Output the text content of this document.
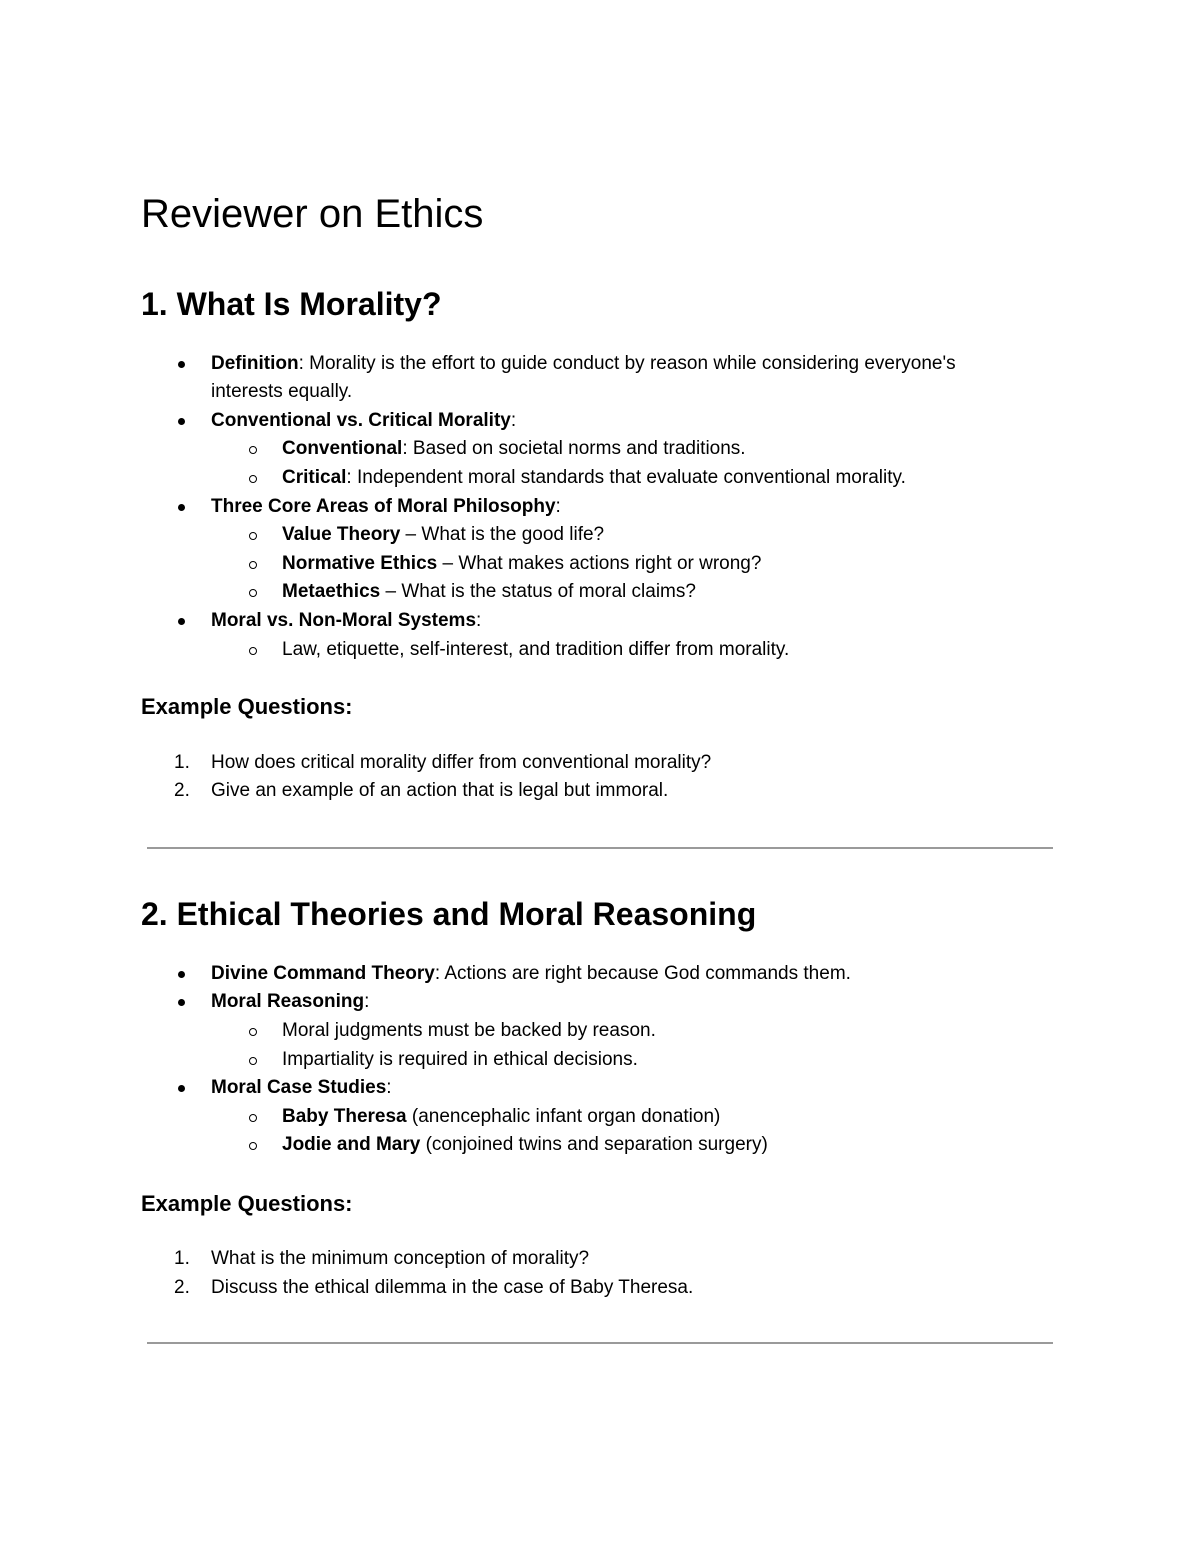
Reviewer on Ethics
1. What Is Morality?
Definition: Morality is the effort to guide conduct by reason while considering everyone's
interests equally.
Conventional vs. Critical Morality:
Conventional: Based on societal norms and traditions.
Critical: Independent moral standards that evaluate conventional morality.
Three Core Areas of Moral Philosophy:
Value Theory – What is the good life?
Normative Ethics – What makes actions right or wrong?
Metaethics – What is the status of moral claims?
Moral vs. Non-Moral Systems:
Law, etiquette, self-interest, and tradition differ from morality.
Example Questions:
1. How does critical morality differ from conventional morality?
2. Give an example of an action that is legal but immoral.
2. Ethical Theories and Moral Reasoning
Divine Command Theory: Actions are right because God commands them.
Moral Reasoning:
Moral judgments must be backed by reason.
Impartiality is required in ethical decisions.
Moral Case Studies:
Baby Theresa (anencephalic infant organ donation)
Jodie and Mary (conjoined twins and separation surgery)
Example Questions:
1. What is the minimum conception of morality?
2. Discuss the ethical dilemma in the case of Baby Theresa.
